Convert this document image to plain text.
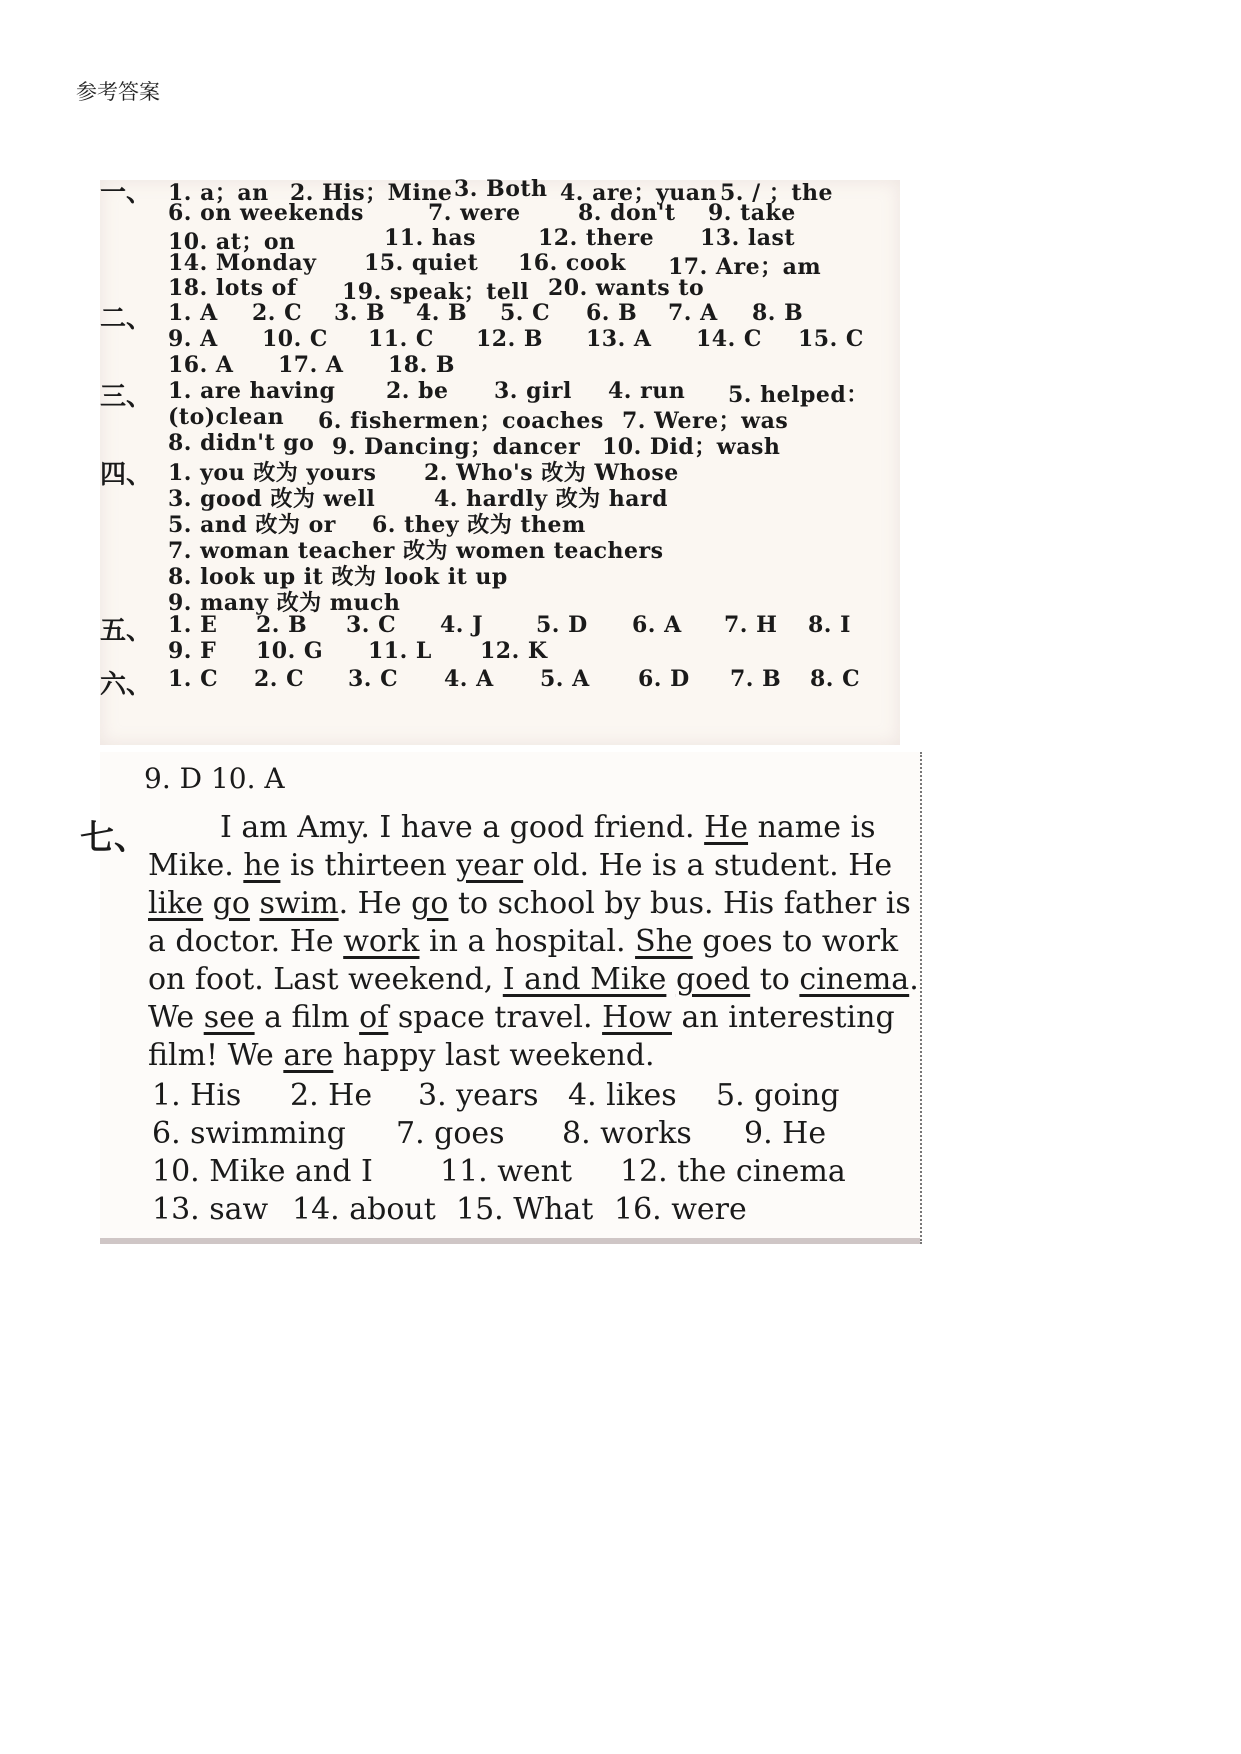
参考答案
一、 1. a；an 2. His；Mine 3. Both 4. are；yuan 5. / ；the
6. on weekends	7. were	8. don't 9. take
10. at；on	11. has	12. there 13. last
14. Monday 15. quiet 16. cook 17. Are；am
18. lots of 19. speak；tell 20. wants to
二、 1. A 2. C 3. B 4. B 5. C 6. B 7. A 8. B
9. A 10. C 11. C 12. B 13. A 14. C 15. C
16. A 17. A 18. B
三、 1. are having 2. be 3. girl 4. run 5. helped：
(to)clean 6. fishermen；coaches 7. Were；was
8. didn't go 9. Dancing；dancer 10. Did；wash
四、 1. you 改为 yours 2. Who's 改为 Whose
3. good 改为 well	4. hardly 改为 hard
5. and 改为 or 6. they 改为 them
7. woman teacher 改为 women teachers
8. look up it 改为 look it up
9. many 改为 much
五、 1. E 2. B 3. C 4. J 5. D 6. A 7. H 8. I
9. F 10. G 11. L 12. K
六、 1. C 2. C 3. C 4. A 5. A 6. D 7. B 8. C
9. D 10. A
七、 I am Amy. I have a good friend. He name is
Mike. he is thirteen year old. He is a student. He
like go swim. He go to school by bus. His father is
a doctor. He work in a hospital. She goes to work
on foot. Last weekend, I and Mike goed to cinema.
We see a film of space travel. How an interesting
film! We are happy last weekend.
1. His 2. He 3. years 4. likes 5. going
6. swimming 7. goes 8. works 9. He
10. Mike and I 11. went 12. the cinema
13. saw 14. about 15. What 16. were
